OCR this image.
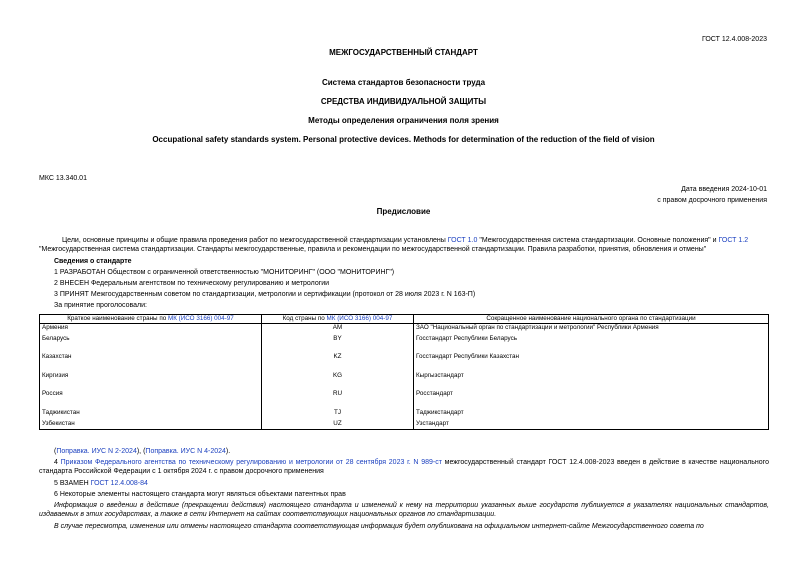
ГОСТ 12.4.008-2023
МЕЖГОСУДАРСТВЕННЫЙ СТАНДАРТ
Система стандартов безопасности труда
СРЕДСТВА ИНДИВИДУАЛЬНОЙ ЗАЩИТЫ
Методы определения ограничения поля зрения
Occupational safety standards system. Personal protective devices. Methods for determination of the reduction of the field of vision
МКС 13.340.01
Дата введения 2024-10-01
с правом досрочного применения
Предисловие
Цели, основные принципы и общие правила проведения работ по межгосударственной стандартизации установлены ГОСТ 1.0 "Межгосударственная система стандартизации. Основные положения" и ГОСТ 1.2 "Межгосударственная система стандартизации. Стандарты межгосударственные, правила и рекомендации по межгосударственной стандартизации. Правила разработки, принятия, обновления и отмены"
Сведения о стандарте
1 РАЗРАБОТАН Обществом с ограниченной ответственностью "МОНИТОРИНГ" (ООО "МОНИТОРИНГ")
2 ВНЕСЕН Федеральным агентством по техническому регулированию и метрологии
3 ПРИНЯТ Межгосударственным советом по стандартизации, метрологии и сертификации (протокол от 28 июля 2023 г. N 163-П)
За принятие проголосовали:
Краткое наименование страны по МК (ИСО 3166) 004-97	Код страны по МК (ИСО 3166) 004-97	Сокращенное наименование национального органа по стандартизации
Армения	AM	ЗАО "Национальный орган по стандартизации и метрологии" Республики Армения
Беларусь	BY	Госстандарт Республики Беларусь
Казахстан	KZ	Госстандарт Республики Казахстан
Киргизия	KG	Кыргызстандарт
Россия	RU	Росстандарт
Таджикистан	TJ	Таджикстандарт
Узбекистан	UZ	Узстандарт
(Поправка. ИУС N 2-2024), (Поправка. ИУС N 4-2024).
4 Приказом Федерального агентства по техническому регулированию и метрологии от 28 сентября 2023 г. N 989-ст межгосударственный стандарт ГОСТ 12.4.008-2023 введен в действие в качестве национального стандарта Российской Федерации с 1 октября 2024 г. с правом досрочного применения
5 ВЗАМЕН ГОСТ 12.4.008-84
6 Некоторые элементы настоящего стандарта могут являться объектами патентных прав
Информация о введении в действие (прекращении действия) настоящего стандарта и изменений к нему на территории указанных выше государств публикуется в указателях национальных стандартов, издаваемых в этих государствах, а также в сети Интернет на сайтах соответствующих национальных органов по стандартизации.
В случае пересмотра, изменения или отмены настоящего стандарта соответствующая информация будет опубликована на официальном интернет-сайте Межгосударственного совета по
